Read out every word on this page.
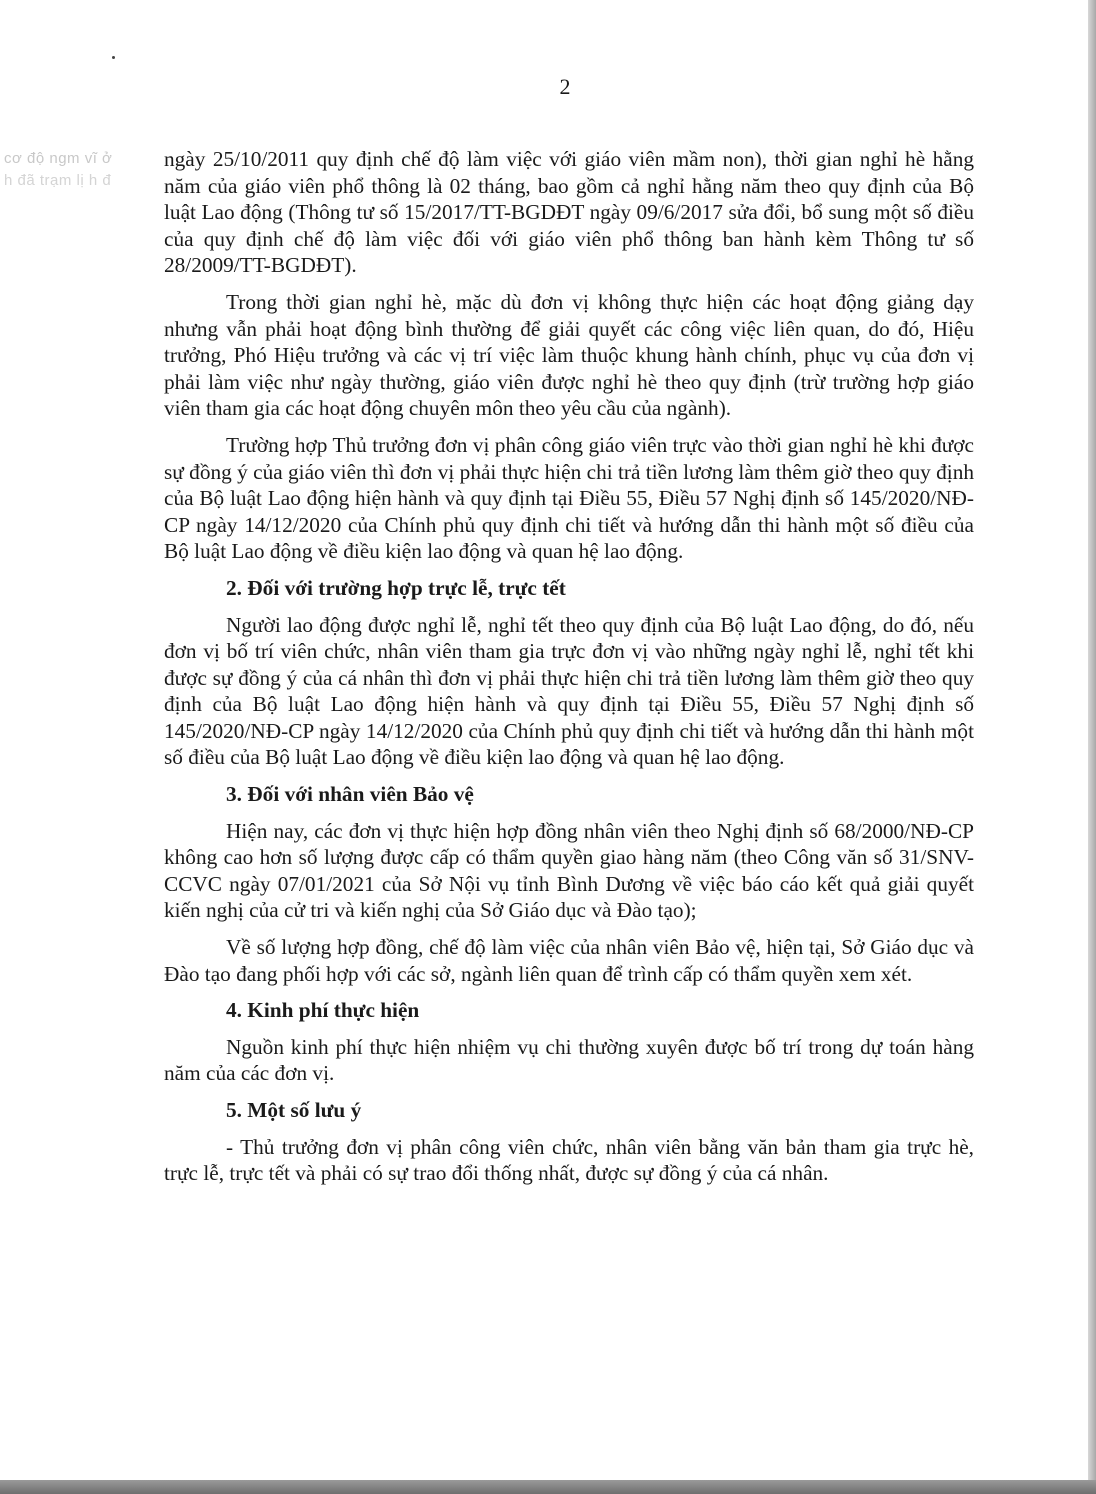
cơ độ ngm vĩ ở
h đã trạm lị h đ
2

ngày 25/10/2011 quy định chế độ làm việc với giáo viên mầm non), thời gian nghỉ hè hằng năm của giáo viên phổ thông là 02 tháng, bao gồm cả nghỉ hằng năm theo quy định của Bộ luật Lao động (Thông tư số 15/2017/TT-BGDĐT ngày 09/6/2017 sửa đổi, bổ sung một số điều của quy định chế độ làm việc đối với giáo viên phổ thông ban hành kèm Thông tư số 28/2009/TT-BGDĐT).

Trong thời gian nghỉ hè, mặc dù đơn vị không thực hiện các hoạt động giảng dạy nhưng vẫn phải hoạt động bình thường để giải quyết các công việc liên quan, do đó, Hiệu trưởng, Phó Hiệu trưởng và các vị trí việc làm thuộc khung hành chính, phục vụ của đơn vị phải làm việc như ngày thường, giáo viên được nghỉ hè theo quy định (trừ trường hợp giáo viên tham gia các hoạt động chuyên môn theo yêu cầu của ngành).

Trường hợp Thủ trưởng đơn vị phân công giáo viên trực vào thời gian nghỉ hè khi được sự đồng ý của giáo viên thì đơn vị phải thực hiện chi trả tiền lương làm thêm giờ theo quy định của Bộ luật Lao động hiện hành và quy định tại Điều 55, Điều 57 Nghị định số 145/2020/NĐ-CP ngày 14/12/2020 của Chính phủ quy định chi tiết và hướng dẫn thi hành một số điều của Bộ luật Lao động về điều kiện lao động và quan hệ lao động.

2. Đối với trường hợp trực lễ, trực tết

Người lao động được nghỉ lễ, nghỉ tết theo quy định của Bộ luật Lao động, do đó, nếu đơn vị bố trí viên chức, nhân viên tham gia trực đơn vị vào những ngày nghỉ lễ, nghỉ tết khi được sự đồng ý của cá nhân thì đơn vị phải thực hiện chi trả tiền lương làm thêm giờ theo quy định của Bộ luật Lao động hiện hành và quy định tại Điều 55, Điều 57 Nghị định số 145/2020/NĐ-CP ngày 14/12/2020 của Chính phủ quy định chi tiết và hướng dẫn thi hành một số điều của Bộ luật Lao động về điều kiện lao động và quan hệ lao động.

3. Đối với nhân viên Bảo vệ

Hiện nay, các đơn vị thực hiện hợp đồng nhân viên theo Nghị định số 68/2000/NĐ-CP không cao hơn số lượng được cấp có thẩm quyền giao hàng năm (theo Công văn số 31/SNV-CCVC ngày 07/01/2021 của Sở Nội vụ tỉnh Bình Dương về việc báo cáo kết quả giải quyết kiến nghị của cử tri và kiến nghị của Sở Giáo dục và Đào tạo);

Về số lượng hợp đồng, chế độ làm việc của nhân viên Bảo vệ, hiện tại, Sở Giáo dục và Đào tạo đang phối hợp với các sở, ngành liên quan để trình cấp có thẩm quyền xem xét.

4. Kinh phí thực hiện

Nguồn kinh phí thực hiện nhiệm vụ chi thường xuyên được bố trí trong dự toán hàng năm của các đơn vị.

5. Một số lưu ý

- Thủ trưởng đơn vị phân công viên chức, nhân viên bằng văn bản tham gia trực hè, trực lễ, trực tết và phải có sự trao đổi thống nhất, được sự đồng ý của cá nhân.
